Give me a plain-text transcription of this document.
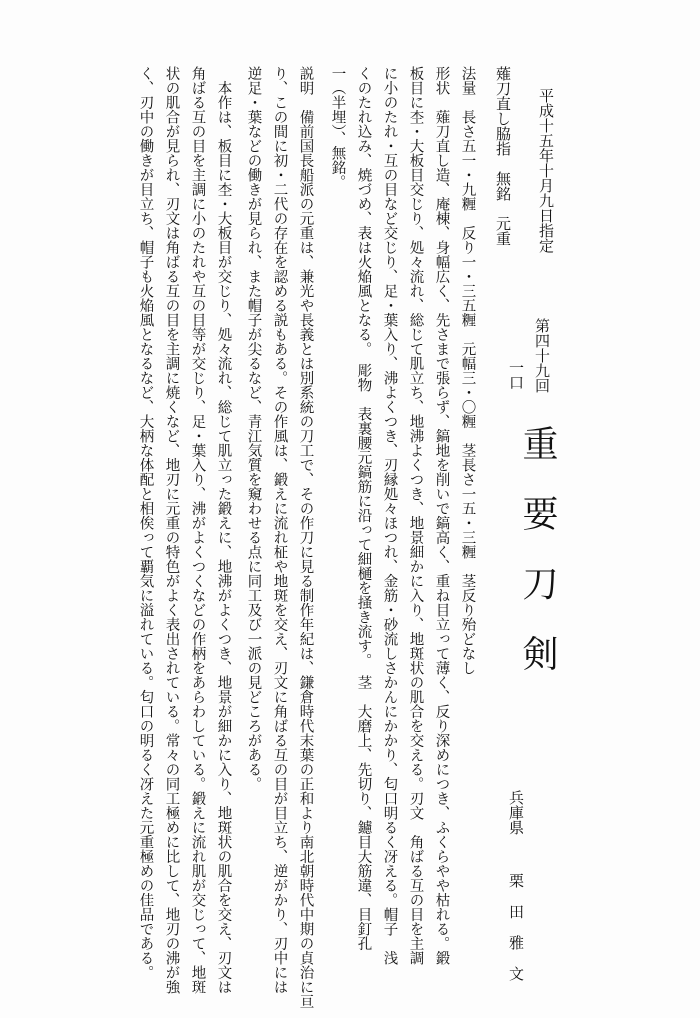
平成十五年十月九日指定
第四十九回
重要刀剣
一口
兵庫県
栗田雅文
薙刀直し脇指　無銘　元重
法量　長さ五一・九糎　反り一・三五糎　元幅三・〇糎　茎長さ一五・三糎　茎反り殆どなし
形状　薙刀直し造、庵棟、身幅広く、先さまで張らず、鎬地を削いで鎬高く、重ね目立って薄く、反り深めにつき、ふくらやや枯れる。鍛
板目に杢・大板目交じり、処々流れ、総じて肌立ち、地沸よくつき、地景細かに入り、地斑状の肌合を交える。刃文　角ばる互の目を主調
に小のたれ・互の目など交じり、足・葉入り、沸よくつき、刃縁処々ほつれ、金筋・砂流しさかんにかかり、匂口明るく冴える。帽子　浅
くのたれ込み、焼づめ、表は火焔風となる。　彫物　表裏腰元鎬筋に沿って細樋を掻き流す。　茎　大磨上、先切り、鑢目大筋違、目釘孔
一（半埋）、無銘。
説明　備前国長船派の元重は、兼光や長義とは別系統の刀工で、その作刀に見る制作年紀は、鎌倉時代末葉の正和より南北朝時代中期の貞治に亘
り、この間に初・二代の存在を認める説もある。その作風は、鍛えに流れ柾や地斑を交え、刃文に角ばる互の目が目立ち、逆がかり、刃中には
逆足・葉などの働きが見られ、また帽子が尖るなど、青江気質を窺わせる点に同工及び一派の見どころがある。
　本作は、板目に杢・大板目が交じり、処々流れ、総じて肌立った鍛えに、地沸がよくつき、地景が細かに入り、地斑状の肌合を交え、刃文は
角ばる互の目を主調に小のたれや互の目等が交じり、足・葉入り、沸がよくつくなどの作柄をあらわしている。鍛えに流れ肌が交じって、地斑
状の肌合が見られ、刃文は角ばる互の目を主調に焼くなど、地刃に元重の特色がよく表出されている。常々の同工極めに比して、地刃の沸が強
く、刃中の働きが目立ち、帽子も火焔風となるなど、大柄な体配と相俟って覇気に溢れている。匂口の明るく冴えた元重極めの佳品である。
